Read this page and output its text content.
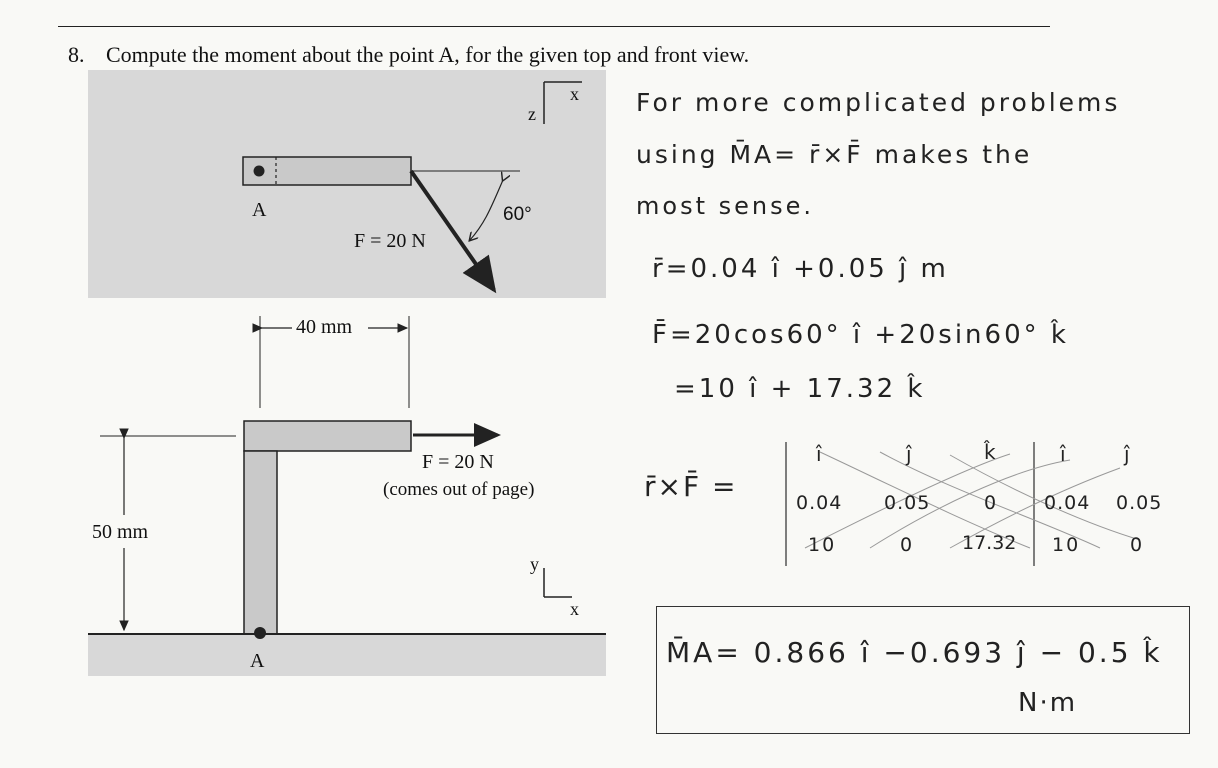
8. Compute the moment about the point A, for the given top and front view.
x
z
A	60°
F = 20 N
40 mm
F = 20 N
(comes out of page)
50 mm
y
x
A
For more complicated problems
using M̄A= r̄×F̄ makes the
most sense.
r̄=0.04 î +0.05 ĵ m
F̄=20cos60° î +20sin60° k̂
=10 î + 17.32 k̂
r̄×F̄ =
î	ĵ	k̂	î	ĵ
0.04 0.05	0 0.04 0.05
10	0	17.32 10	0
M̄A= 0.866 î −0.693 ĵ − 0.5 k̂
N·m
